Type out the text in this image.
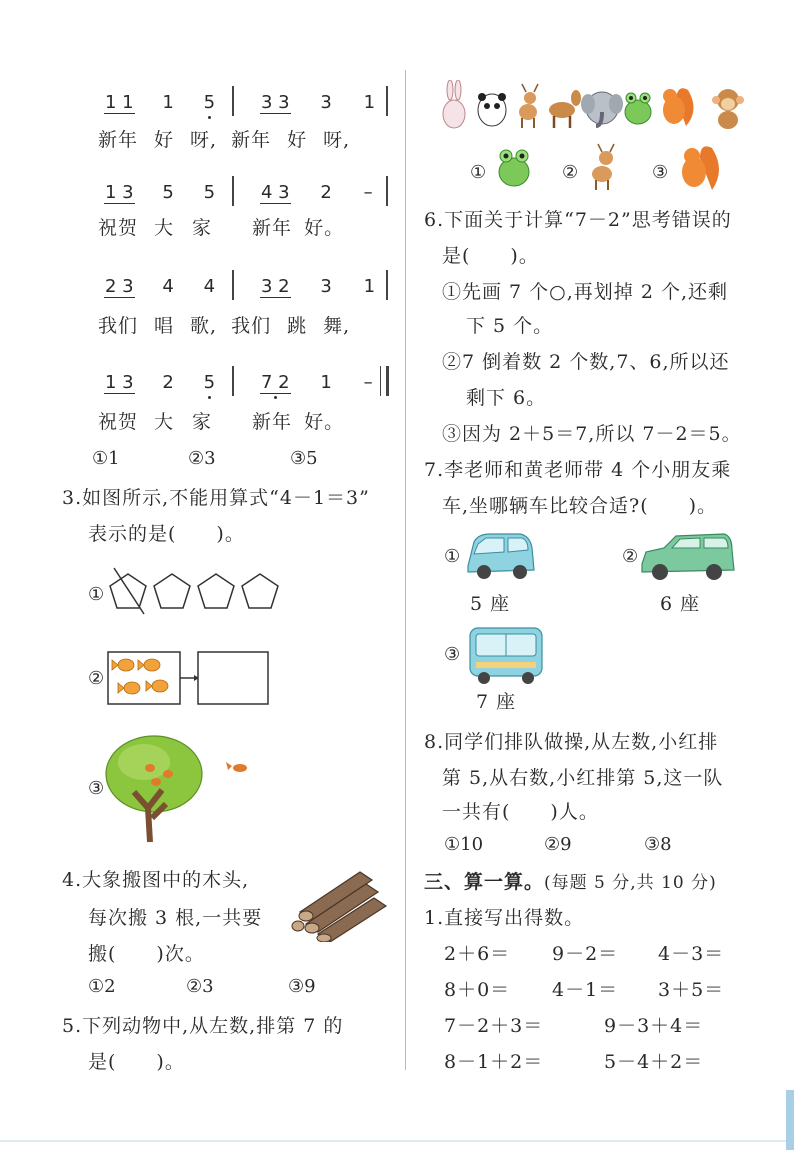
1 1 1 5	3 3 3 1
新年 好 呀, 新年 好 呀,
1 3 5 5	4 3 2 –
祝贺 大 家 新年 好。
2 3 4 4	3 2 3 1
我们 唱 歌, 我们 跳 舞,
1 3 2 5	7 2 1 –
祝贺 大 家 新年 好。
①1	②3	③5
3.如图所示,不能用算式“4－1＝3”
表示的是(　　)。
①
②
③
4.大象搬图中的木头,
每次搬 3 根,一共要
搬(　　)次。
①2	②3	③9
5.下列动物中,从左数,排第 7 的
是(　　)。
①	②	③
6.下面关于计算“7－2”思考错误的
是(　　)。
①先画 7 个○,再划掉 2 个,还剩
下 5 个。
②7 倒着数 2 个数,7、6,所以还
剩下 6。
③因为 2＋5＝7,所以 7－2＝5。
7.李老师和黄老师带 4 个小朋友乘
车,坐哪辆车比较合适?(　　)。
①
5 座
②
6 座
③
7 座
8.同学们排队做操,从左数,小红排
第 5,从右数,小红排第 5,这一队
一共有(　　)人。
①10	②9	③8
三、算一算。(每题 5 分,共 10 分)
1.直接写出得数。
2＋6＝ 9－2＝ 4－3＝
8＋0＝ 4－1＝ 3＋5＝
7－2＋3＝	9－3＋4＝
8－1＋2＝	5－4＋2＝
